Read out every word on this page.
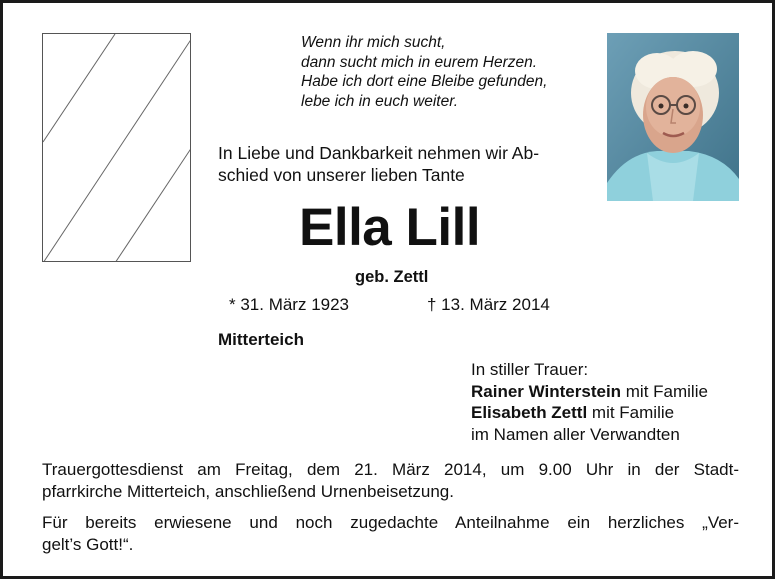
Wenn ihr mich sucht,
dann sucht mich in eurem Herzen.
Habe ich dort eine Bleibe gefunden,
lebe ich in euch weiter.
In Liebe und Dankbarkeit nehmen wir Ab-
schied von unserer lieben Tante
Ella Lill
geb. Zettl
* 31. März 1923	† 13. März 2014
Mitterteich
In stiller Trauer:
Rainer Winterstein mit Familie
Elisabeth Zettl mit Familie
im Namen aller Verwandten
Trauergottesdienst am Freitag, dem 21. März 2014, um 9.00 Uhr in der Stadt-
pfarrkirche Mitterteich, anschließend Urnenbeisetzung.
Für bereits erwiesene und noch zugedachte Anteilnahme ein herzliches „Ver-
gelt’s Gott!“.
